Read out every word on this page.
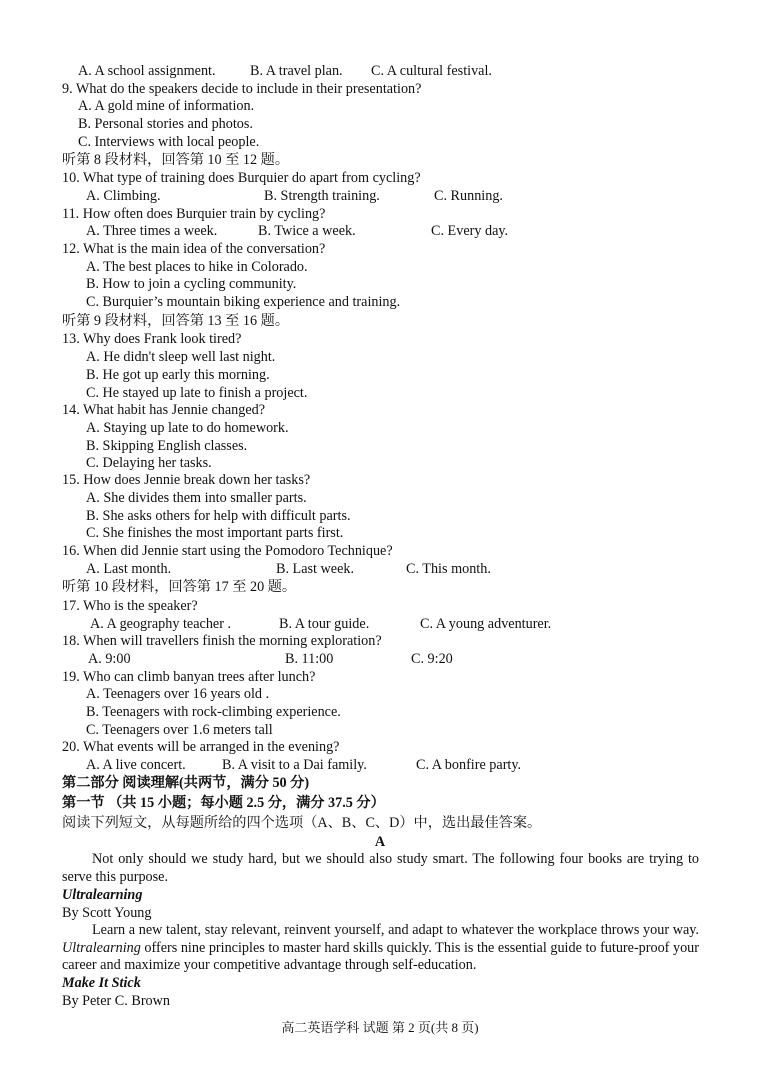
A. A school assignment. B. A travel plan. C. A cultural festival.
9. What do the speakers decide to include in their presentation?
A. A gold mine of information.
B. Personal stories and photos.
C. Interviews with local people.
听第 8 段材料，回答第 10 至 12 题。
10. What type of training does Burquier do apart from cycling?
A. Climbing.	B. Strength training.	C. Running.
11. How often does Burquier train by cycling?
A. Three times a week.	B. Twice a week.	C. Every day.
12. What is the main idea of the conversation?
A. The best places to hike in Colorado.
B. How to join a cycling community.
C. Burquier’s mountain biking experience and training.
听第 9 段材料，回答第 13 至 16 题。
13. Why does Frank look tired?
A. He didn't sleep well last night.
B. He got up early this morning.
C. He stayed up late to finish a project.
14. What habit has Jennie changed?
A. Staying up late to do homework.
B. Skipping English classes.
C. Delaying her tasks.
15. How does Jennie break down her tasks?
A. She divides them into smaller parts.
B. She asks others for help with difficult parts.
C. She finishes the most important parts first.
16. When did Jennie start using the Pomodoro Technique?
A. Last month.	B. Last week.	C. This month.
听第 10 段材料，回答第 17 至 20 题。
17. Who is the speaker?
A. A geography teacher .	B. A tour guide.	C. A young adventurer.
18. When will travellers finish the morning exploration?
A. 9:00	B. 11:00	C. 9:20
19. Who can climb banyan trees after lunch?
A. Teenagers over 16 years old .
B. Teenagers with rock-climbing experience.
C. Teenagers over 1.6 meters tall
20. What events will be arranged in the evening?
A. A live concert.	B. A visit to a Dai family.	C. A bonfire party.
第二部分 阅读理解(共两节，满分 50 分)
第一节 （共 15 小题；每小题 2.5 分，满分 37.5 分）
阅读下列短文，从每题所给的四个选项（A、B、C、D）中，选出最佳答案。
A
Not only should we study hard, but we should also study smart. The following four books are trying to serve this purpose.
Ultralearning
By Scott Young
Learn a new talent, stay relevant, reinvent yourself, and adapt to whatever the workplace throws your way. Ultralearning offers nine principles to master hard skills quickly. This is the essential guide to future-proof your career and maximize your competitive advantage through self-education.
Make It Stick
By Peter C. Brown
高二英语学科 试题 第 2 页(共 8 页)
